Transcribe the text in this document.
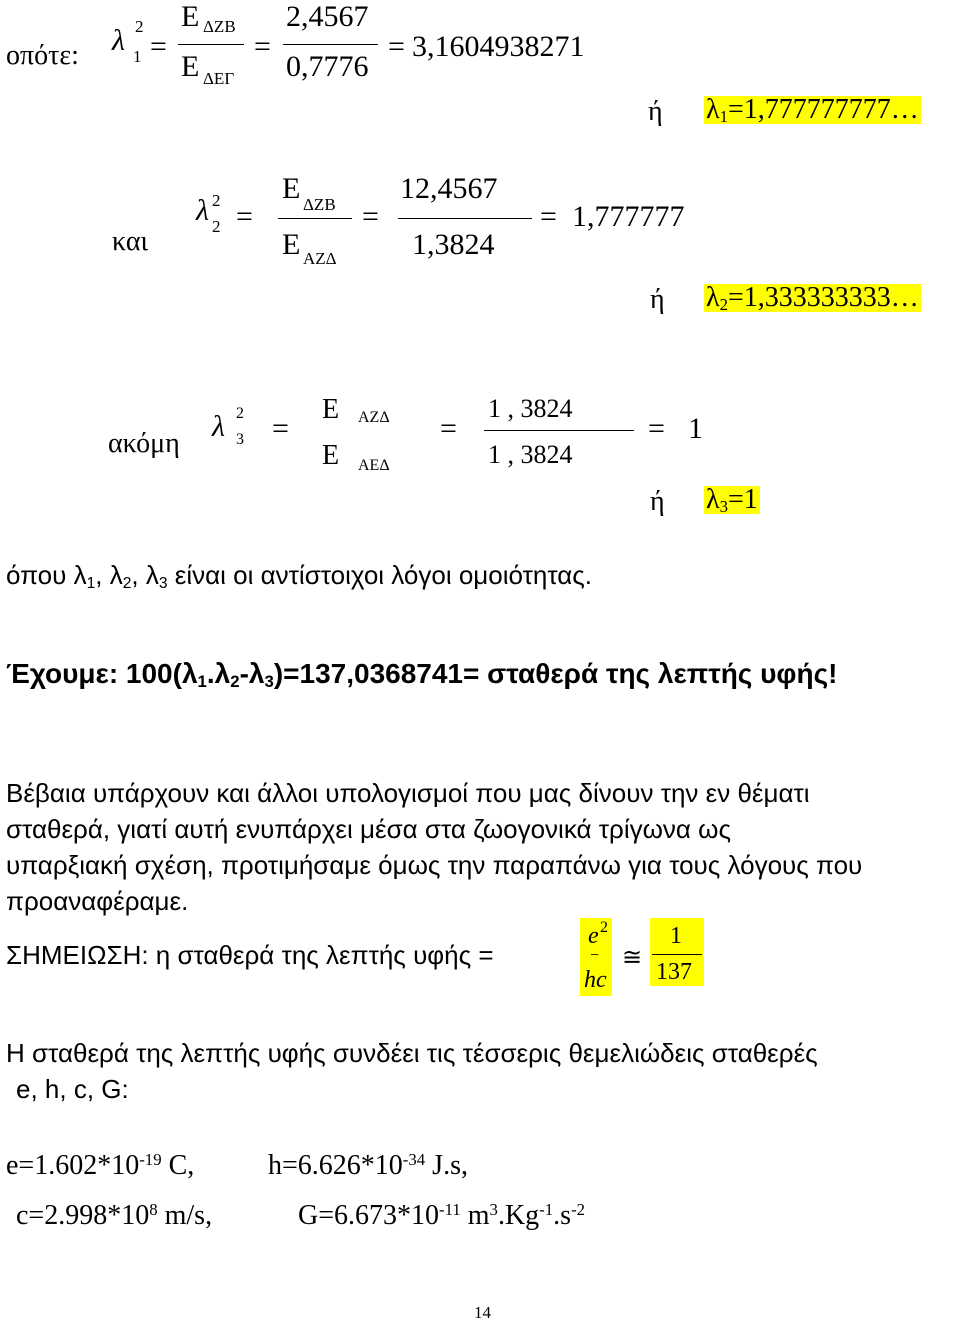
οπότε: λ 2
1 =
E ΔΖΒ
E ΔΕΓ
=
2,4567
0,7776
= 3,1604938271
ή $\lambda_1=1,777777777\dots$
και
λ 2
2 =
E ΔΖΒ
E ΑΖΔ
=
12,4567
1,3824
= 1,777777
ή $\lambda_2=1,333333333\dots$
ακόμη
λ 2
3 =
E ΑΖΔ
E ΑΕΔ
=
1 , 3824
1 , 3824
= 1
ή $\lambda_3=1$
όπου $\lambda_1$, $\lambda_2$, $\lambda_3$ είναι οι αντίστοιχοι λόγοι ομοιότητας.
Έχουμε: $100(\lambda_1.\lambda_2-\lambda_3)=137,0368741= \sigma\tau\alpha\theta\varepsilon\rho ά$ της λεπτής υφής!
Βέβαια υπάρχουν και άλλοι υπολογισμοί που μας δίνουν την εν θέματι
σταθερά, γιατί αυτή ενυπάρχει μέσα στα ζωογονικά τρίγωνα ως
υπαρξιακή σχέση, προτιμήσαμε όμως την παραπάνω για τους λόγους που
προαναφέραμε.
ΣΗΜΕΙΩΣΗ: η σταθερά της λεπτής υφής =
e 2
−
hc
≅
1
137
Η σταθερά της λεπτής υφής συνδέει τις τέσσερις θεμελιώδεις σταθερές
e, h, c, G:
$e=1.602*10^{-19}$ C,	$h=6.626*10^{-34}$ J.s,
$c=2.998*10^8$ m/s,	$G=6.673*10^{-11}$ $m^3.Kg^{-1}.s^{-2}$
14
